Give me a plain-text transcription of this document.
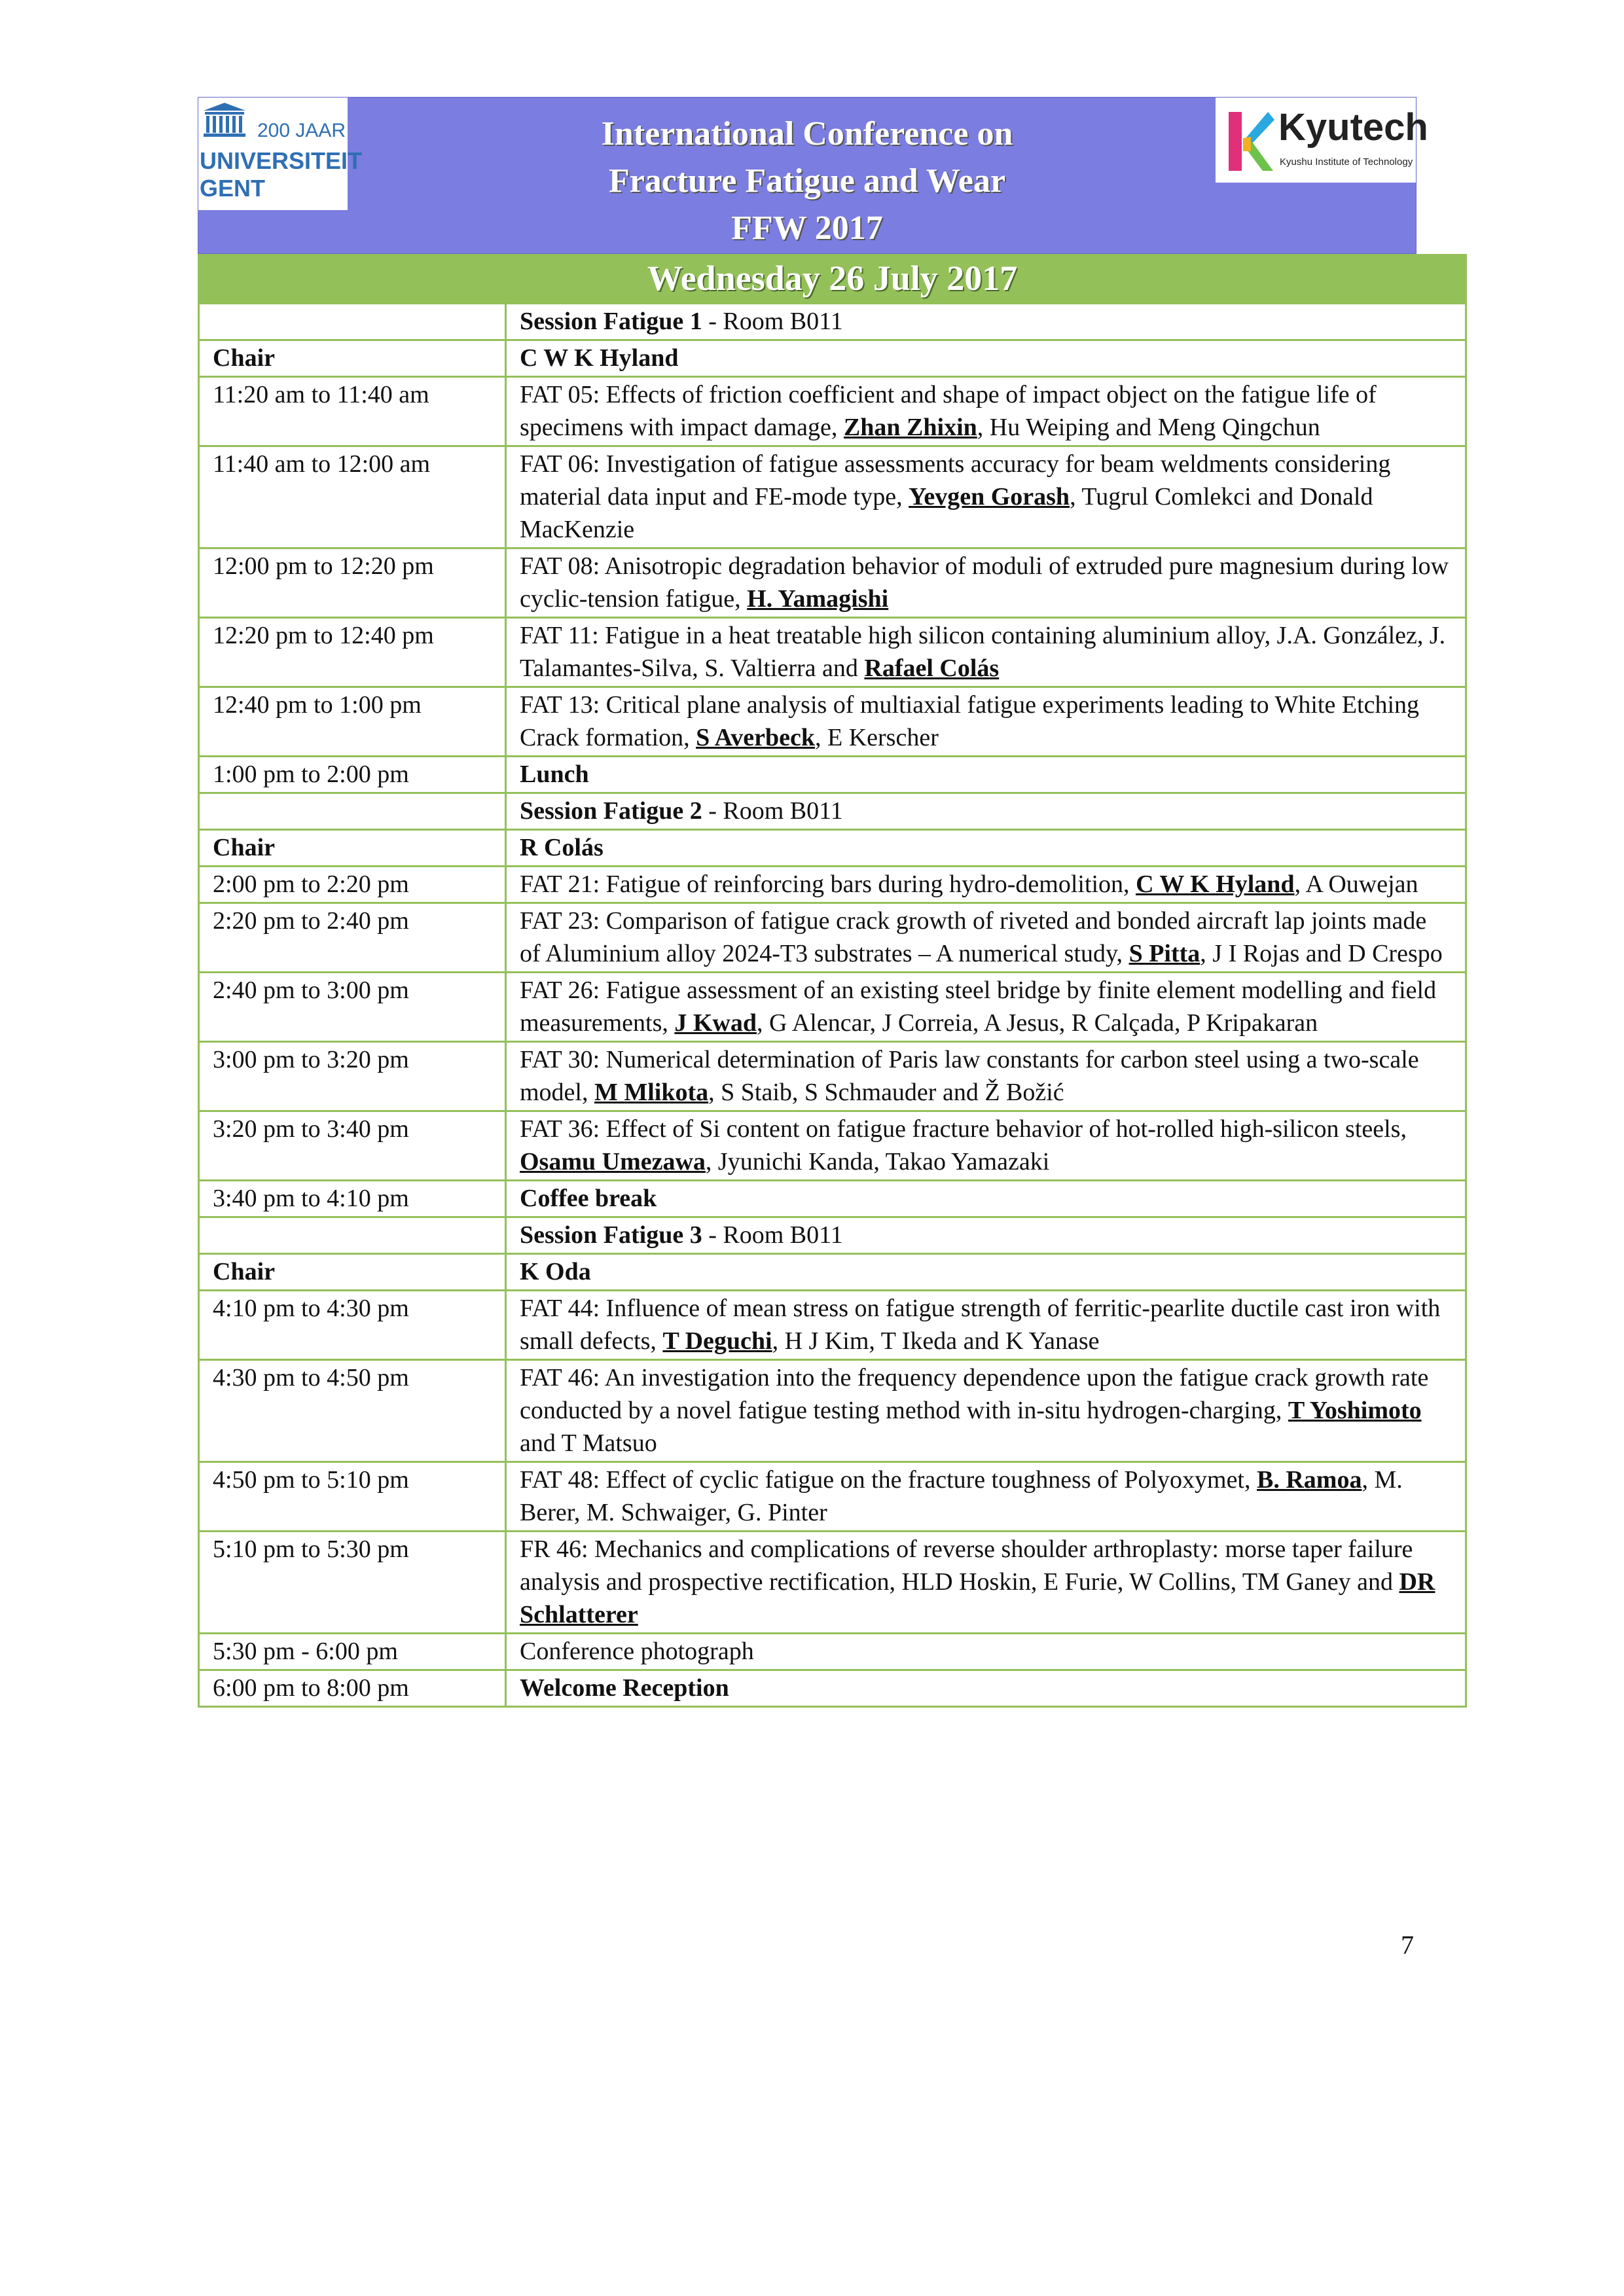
200 JAAR
UNIVERSITEIT
GENT
International Conference on
Fracture Fatigue and Wear
FFW 2017
Kyutech
Kyushu Institute of Technology
Wednesday 26 July 2017
	Session Fatigue 1 - Room B011
Chair	C W K Hyland
11:20 am to 11:40 am	FAT 05: Effects of friction coefficient and shape of impact object on the fatigue life of specimens with impact damage, Zhan Zhixin, Hu Weiping and Meng Qingchun
11:40 am to 12:00 am	FAT 06: Investigation of fatigue assessments accuracy for beam weldments considering material data input and FE-mode type, Yevgen Gorash, Tugrul Comlekci and Donald MacKenzie
12:00 pm to 12:20 pm	FAT 08: Anisotropic degradation behavior of moduli of extruded pure magnesium during low cyclic-tension fatigue, H. Yamagishi
12:20 pm to 12:40 pm	FAT 11: Fatigue in a heat treatable high silicon containing aluminium alloy, J.A. González, J. Talamantes-Silva, S. Valtierra and Rafael Colás
12:40 pm to 1:00 pm	FAT 13: Critical plane analysis of multiaxial fatigue experiments leading to White Etching Crack formation, S Averbeck, E Kerscher
1:00 pm to 2:00 pm	Lunch
	Session Fatigue 2 - Room B011
Chair	R Colás
2:00 pm to 2:20 pm	FAT 21: Fatigue of reinforcing bars during hydro-demolition, C W K Hyland, A Ouwejan
2:20 pm to 2:40 pm	FAT 23: Comparison of fatigue crack growth of riveted and bonded aircraft lap joints made of Aluminium alloy 2024-T3 substrates – A numerical study, S Pitta, J I Rojas and D Crespo
2:40 pm to 3:00 pm	FAT 26: Fatigue assessment of an existing steel bridge by finite element modelling and field measurements, J Kwad, G Alencar, J Correia, A Jesus, R Calçada, P Kripakaran
3:00 pm to 3:20 pm	FAT 30: Numerical determination of Paris law constants for carbon steel using a two-scale model, M Mlikota, S Staib, S Schmauder and Ž Božić
3:20 pm to 3:40 pm	FAT 36: Effect of Si content on fatigue fracture behavior of hot-rolled high-silicon steels, Osamu Umezawa, Jyunichi Kanda, Takao Yamazaki
3:40 pm to 4:10 pm	Coffee break
	Session Fatigue 3 - Room B011
Chair	K Oda
4:10 pm to 4:30 pm	FAT 44: Influence of mean stress on fatigue strength of ferritic-pearlite ductile cast iron with small defects, T Deguchi, H J Kim, T Ikeda and K Yanase
4:30 pm to 4:50 pm	FAT 46: An investigation into the frequency dependence upon the fatigue crack growth rate conducted by a novel fatigue testing method with in-situ hydrogen-charging, T Yoshimoto and T Matsuo
4:50 pm to 5:10 pm	FAT 48: Effect of cyclic fatigue on the fracture toughness of Polyoxymet, B. Ramoa, M. Berer, M. Schwaiger, G. Pinter
5:10 pm to 5:30 pm	FR 46: Mechanics and complications of reverse shoulder arthroplasty: morse taper failure analysis and prospective rectification, HLD Hoskin, E Furie, W Collins, TM Ganey and DR Schlatterer
5:30 pm - 6:00 pm	Conference photograph
6:00 pm to 8:00 pm	Welcome Reception
7
